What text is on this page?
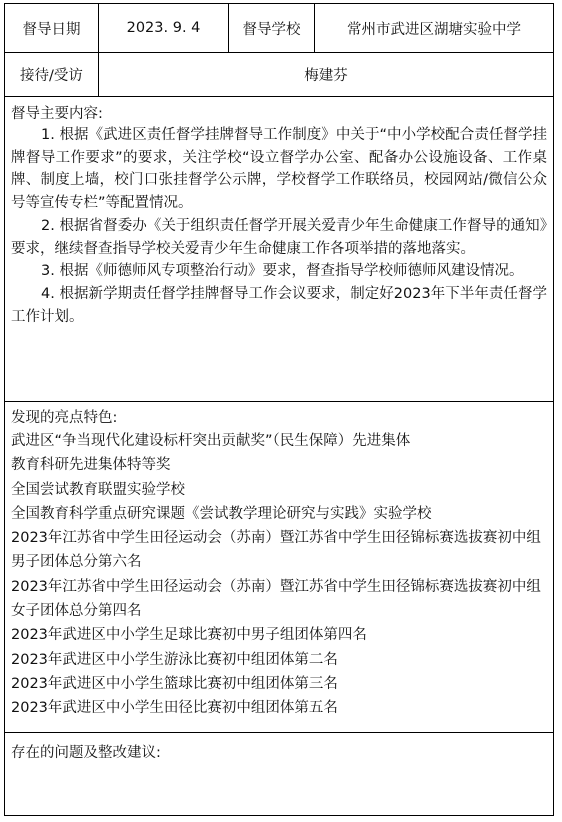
督导日期	2023. 9. 4	督导学校	常州市武进区湖塘实验中学
接待/受访	梅建芬
督导主要内容:

1. 根据《武进区责任督学挂牌督导工作制度》中关于“中小学校配合责任督学挂牌督导工作要求”的要求，关注学校“设立督学办公室、配备办公设施设备、工作桌牌、制度上墙，校门口张挂督学公示牌，学校督学工作联络员，校园网站/微信公众号等宣传专栏”等配置情况。

2. 根据省督委办《关于组织责任督学开展关爱青少年生命健康工作督导的通知》要求，继续督查指导学校关爱青少年生命健康工作各项举措的落地落实。

3. 根据《师德师风专项整治行动》要求，督查指导学校师德师风建设情况。

4. 根据新学期责任督学挂牌督导工作会议要求，制定好2023年下半年责任督学工作计划。

发现的亮点特色:
武进区“争当现代化建设标杆突出贡献奖”（民生保障）先进集体
教育科研先进集体特等奖
全国尝试教育联盟实验学校
全国教育科学重点研究课题《尝试教学理论研究与实践》实验学校
2023年江苏省中学生田径运动会（苏南）暨江苏省中学生田径锦标赛选拔赛初中组男子团体总分第六名
2023年江苏省中学生田径运动会（苏南）暨江苏省中学生田径锦标赛选拔赛初中组女子团体总分第四名
2023年武进区中小学生足球比赛初中男子组团体第四名
2023年武进区中小学生游泳比赛初中组团体第二名
2023年武进区中小学生篮球比赛初中组团体第三名
2023年武进区中小学生田径比赛初中组团体第五名
存在的问题及整改建议:
